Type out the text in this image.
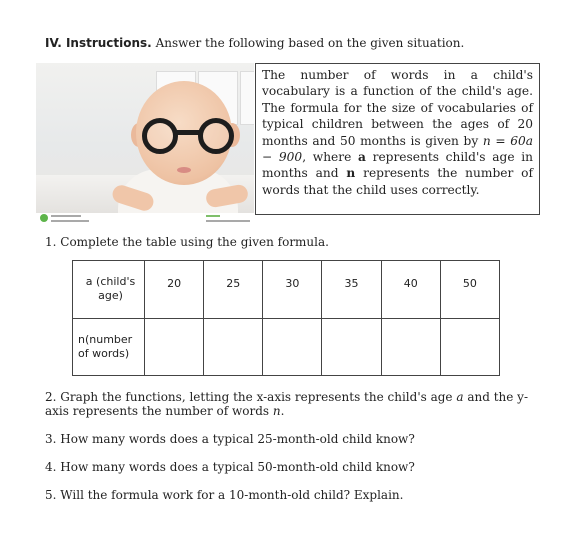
IV. Instructions. Answer the following based on the given situation.
The number of words in a child's vocabulary is a function of the child's age. The formula for the size of vocabularies of typical children between the ages of 20 months and 50 months is given by n = 60a − 900, where a represents child's age in months and n represents the number of words that the child uses correctly.
1. Complete the table using the given formula.
a (child's age)	20	25	30	35	40	50
n(number of words)						
2. Graph the functions, letting the x-axis represents the child's age a and the y-axis represents the number of words n.
3. How many words does a typical 25-month-old child know?
4. How many words does a typical 50-month-old child know?
5. Will the formula work for a 10-month-old child? Explain.
